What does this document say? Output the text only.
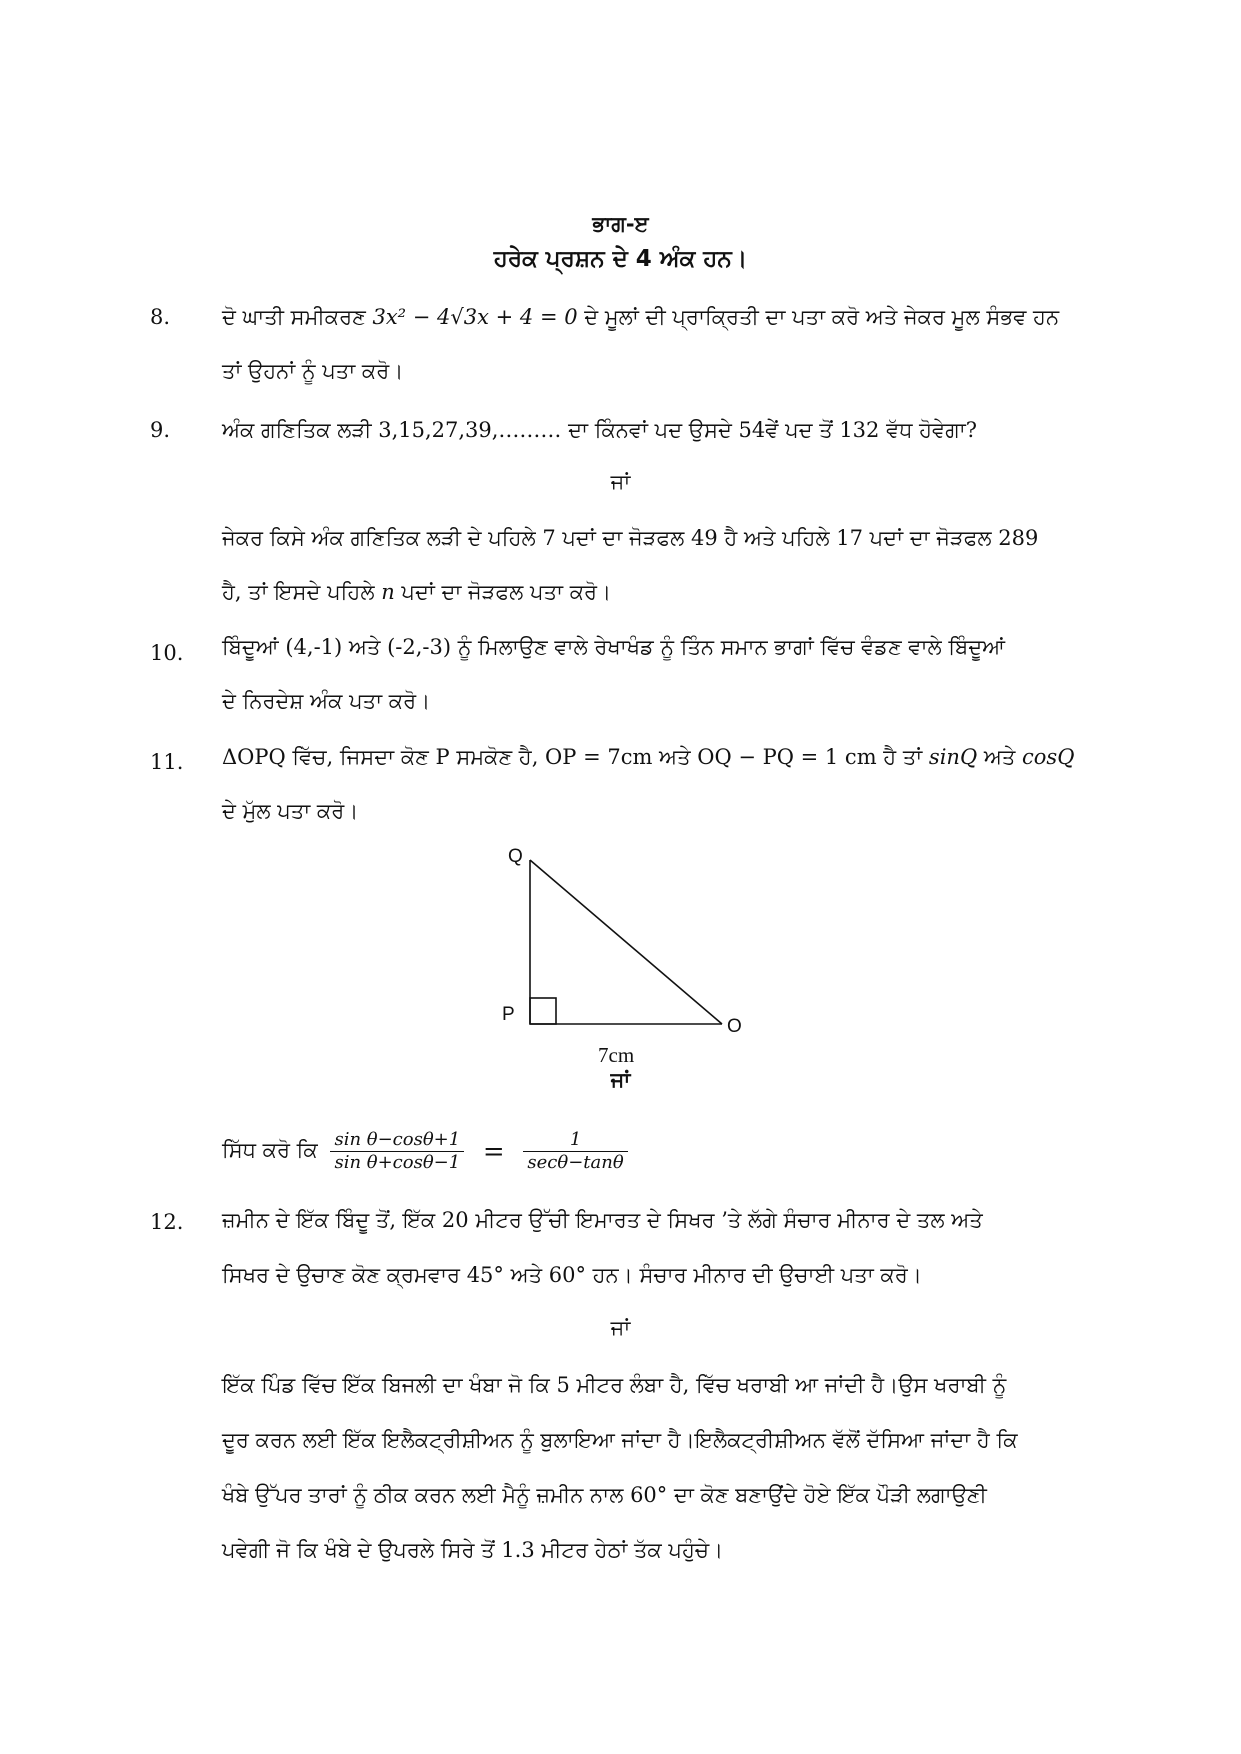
ਭਾਗ-ੲ
ਹਰੇਕ ਪ੍ਰਸ਼ਨ ਦੇ 4 ਅੰਕ ਹਨ।
8. ਦੋ ਘਾਤੀ ਸਮੀਕਰਣ 3x² − 4√3x + 4 = 0 ਦੇ ਮੂਲਾਂ ਦੀ ਪ੍ਰਾਕ੍ਰਿਤੀ ਦਾ ਪਤਾ ਕਰੋ ਅਤੇ ਜੇਕਰ ਮੂਲ ਸੰਭਵ ਹਨ
ਤਾਂ ਉਹਨਾਂ ਨੂੰ ਪਤਾ ਕਰੋ।
9. ਅੰਕ ਗਣਿਤਿਕ ਲੜੀ 3,15,27,39,……… ਦਾ ਕਿੰਨਵਾਂ ਪਦ ਉਸਦੇ 54ਵੇਂ ਪਦ ਤੋਂ 132 ਵੱਧ ਹੋਵੇਗਾ?
ਜਾਂ
ਜੇਕਰ ਕਿਸੇ ਅੰਕ ਗਣਿਤਿਕ ਲੜੀ ਦੇ ਪਹਿਲੇ 7 ਪਦਾਂ ਦਾ ਜੋੜਫਲ 49 ਹੈ ਅਤੇ ਪਹਿਲੇ 17 ਪਦਾਂ ਦਾ ਜੋੜਫਲ 289
ਹੈ, ਤਾਂ ਇਸਦੇ ਪਹਿਲੇ n ਪਦਾਂ ਦਾ ਜੋੜਫਲ ਪਤਾ ਕਰੋ।
10. ਬਿੰਦੂਆਂ (4,-1) ਅਤੇ (-2,-3) ਨੂੰ ਮਿਲਾਉਣ ਵਾਲੇ ਰੇਖਾਖੰਡ ਨੂੰ ਤਿੰਨ ਸਮਾਨ ਭਾਗਾਂ ਵਿੱਚ ਵੰਡਣ ਵਾਲੇ ਬਿੰਦੂਆਂ
ਦੇ ਨਿਰਦੇਸ਼ ਅੰਕ ਪਤਾ ਕਰੋ।
11. ΔOPQ ਵਿੱਚ, ਜਿਸਦਾ ਕੋਣ P ਸਮਕੋਣ ਹੈ, OP = 7cm ਅਤੇ OQ − PQ = 1 cm ਹੈ ਤਾਂ sinQ ਅਤੇ cosQ
ਦੇ ਮੁੱਲ ਪਤਾ ਕਰੋ।
Q
P
O
7cm
ਜਾਂ
ਸਿੱਧ ਕਰੋ ਕਿ $\frac{\text{sin θ−cosθ+1}}{\text{sin θ+cosθ−1}} = \frac{1}{\sec\theta-\tan\theta}$
12. ਜ਼ਮੀਨ ਦੇ ਇੱਕ ਬਿੰਦੂ ਤੋਂ, ਇੱਕ 20 ਮੀਟਰ ਉੱਚੀ ਇਮਾਰਤ ਦੇ ਸਿਖਰ ’ਤੇ ਲੱਗੇ ਸੰਚਾਰ ਮੀਨਾਰ ਦੇ ਤਲ ਅਤੇ
ਸਿਖਰ ਦੇ ਉਚਾਣ ਕੋਣ ਕ੍ਰਮਵਾਰ 45° ਅਤੇ 60° ਹਨ। ਸੰਚਾਰ ਮੀਨਾਰ ਦੀ ਉਚਾਈ ਪਤਾ ਕਰੋ।
ਜਾਂ
ਇੱਕ ਪਿੰਡ ਵਿੱਚ ਇੱਕ ਬਿਜਲੀ ਦਾ ਖੰਬਾ ਜੋ ਕਿ 5 ਮੀਟਰ ਲੰਬਾ ਹੈ, ਵਿੱਚ ਖਰਾਬੀ ਆ ਜਾਂਦੀ ਹੈ।ਉਸ ਖਰਾਬੀ ਨੂੰ
ਦੂਰ ਕਰਨ ਲਈ ਇੱਕ ਇਲੈਕਟ੍ਰੀਸ਼ੀਅਨ ਨੂੰ ਬੁਲਾਇਆ ਜਾਂਦਾ ਹੈ।ਇਲੈਕਟ੍ਰੀਸ਼ੀਅਨ ਵੱਲੋਂ ਦੱਸਿਆ ਜਾਂਦਾ ਹੈ ਕਿ
ਖੰਬੇ ਉੱਪਰ ਤਾਰਾਂ ਨੂੰ ਠੀਕ ਕਰਨ ਲਈ ਮੈਨੂੰ ਜ਼ਮੀਨ ਨਾਲ 60° ਦਾ ਕੋਣ ਬਣਾਉਂਦੇ ਹੋਏ ਇੱਕ ਪੌੜੀ ਲਗਾਉਣੀ
ਪਵੇਗੀ ਜੋ ਕਿ ਖੰਬੇ ਦੇ ਉਪਰਲੇ ਸਿਰੇ ਤੋਂ 1.3 ਮੀਟਰ ਹੇਠਾਂ ਤੱਕ ਪਹੁੰਚੇ।
